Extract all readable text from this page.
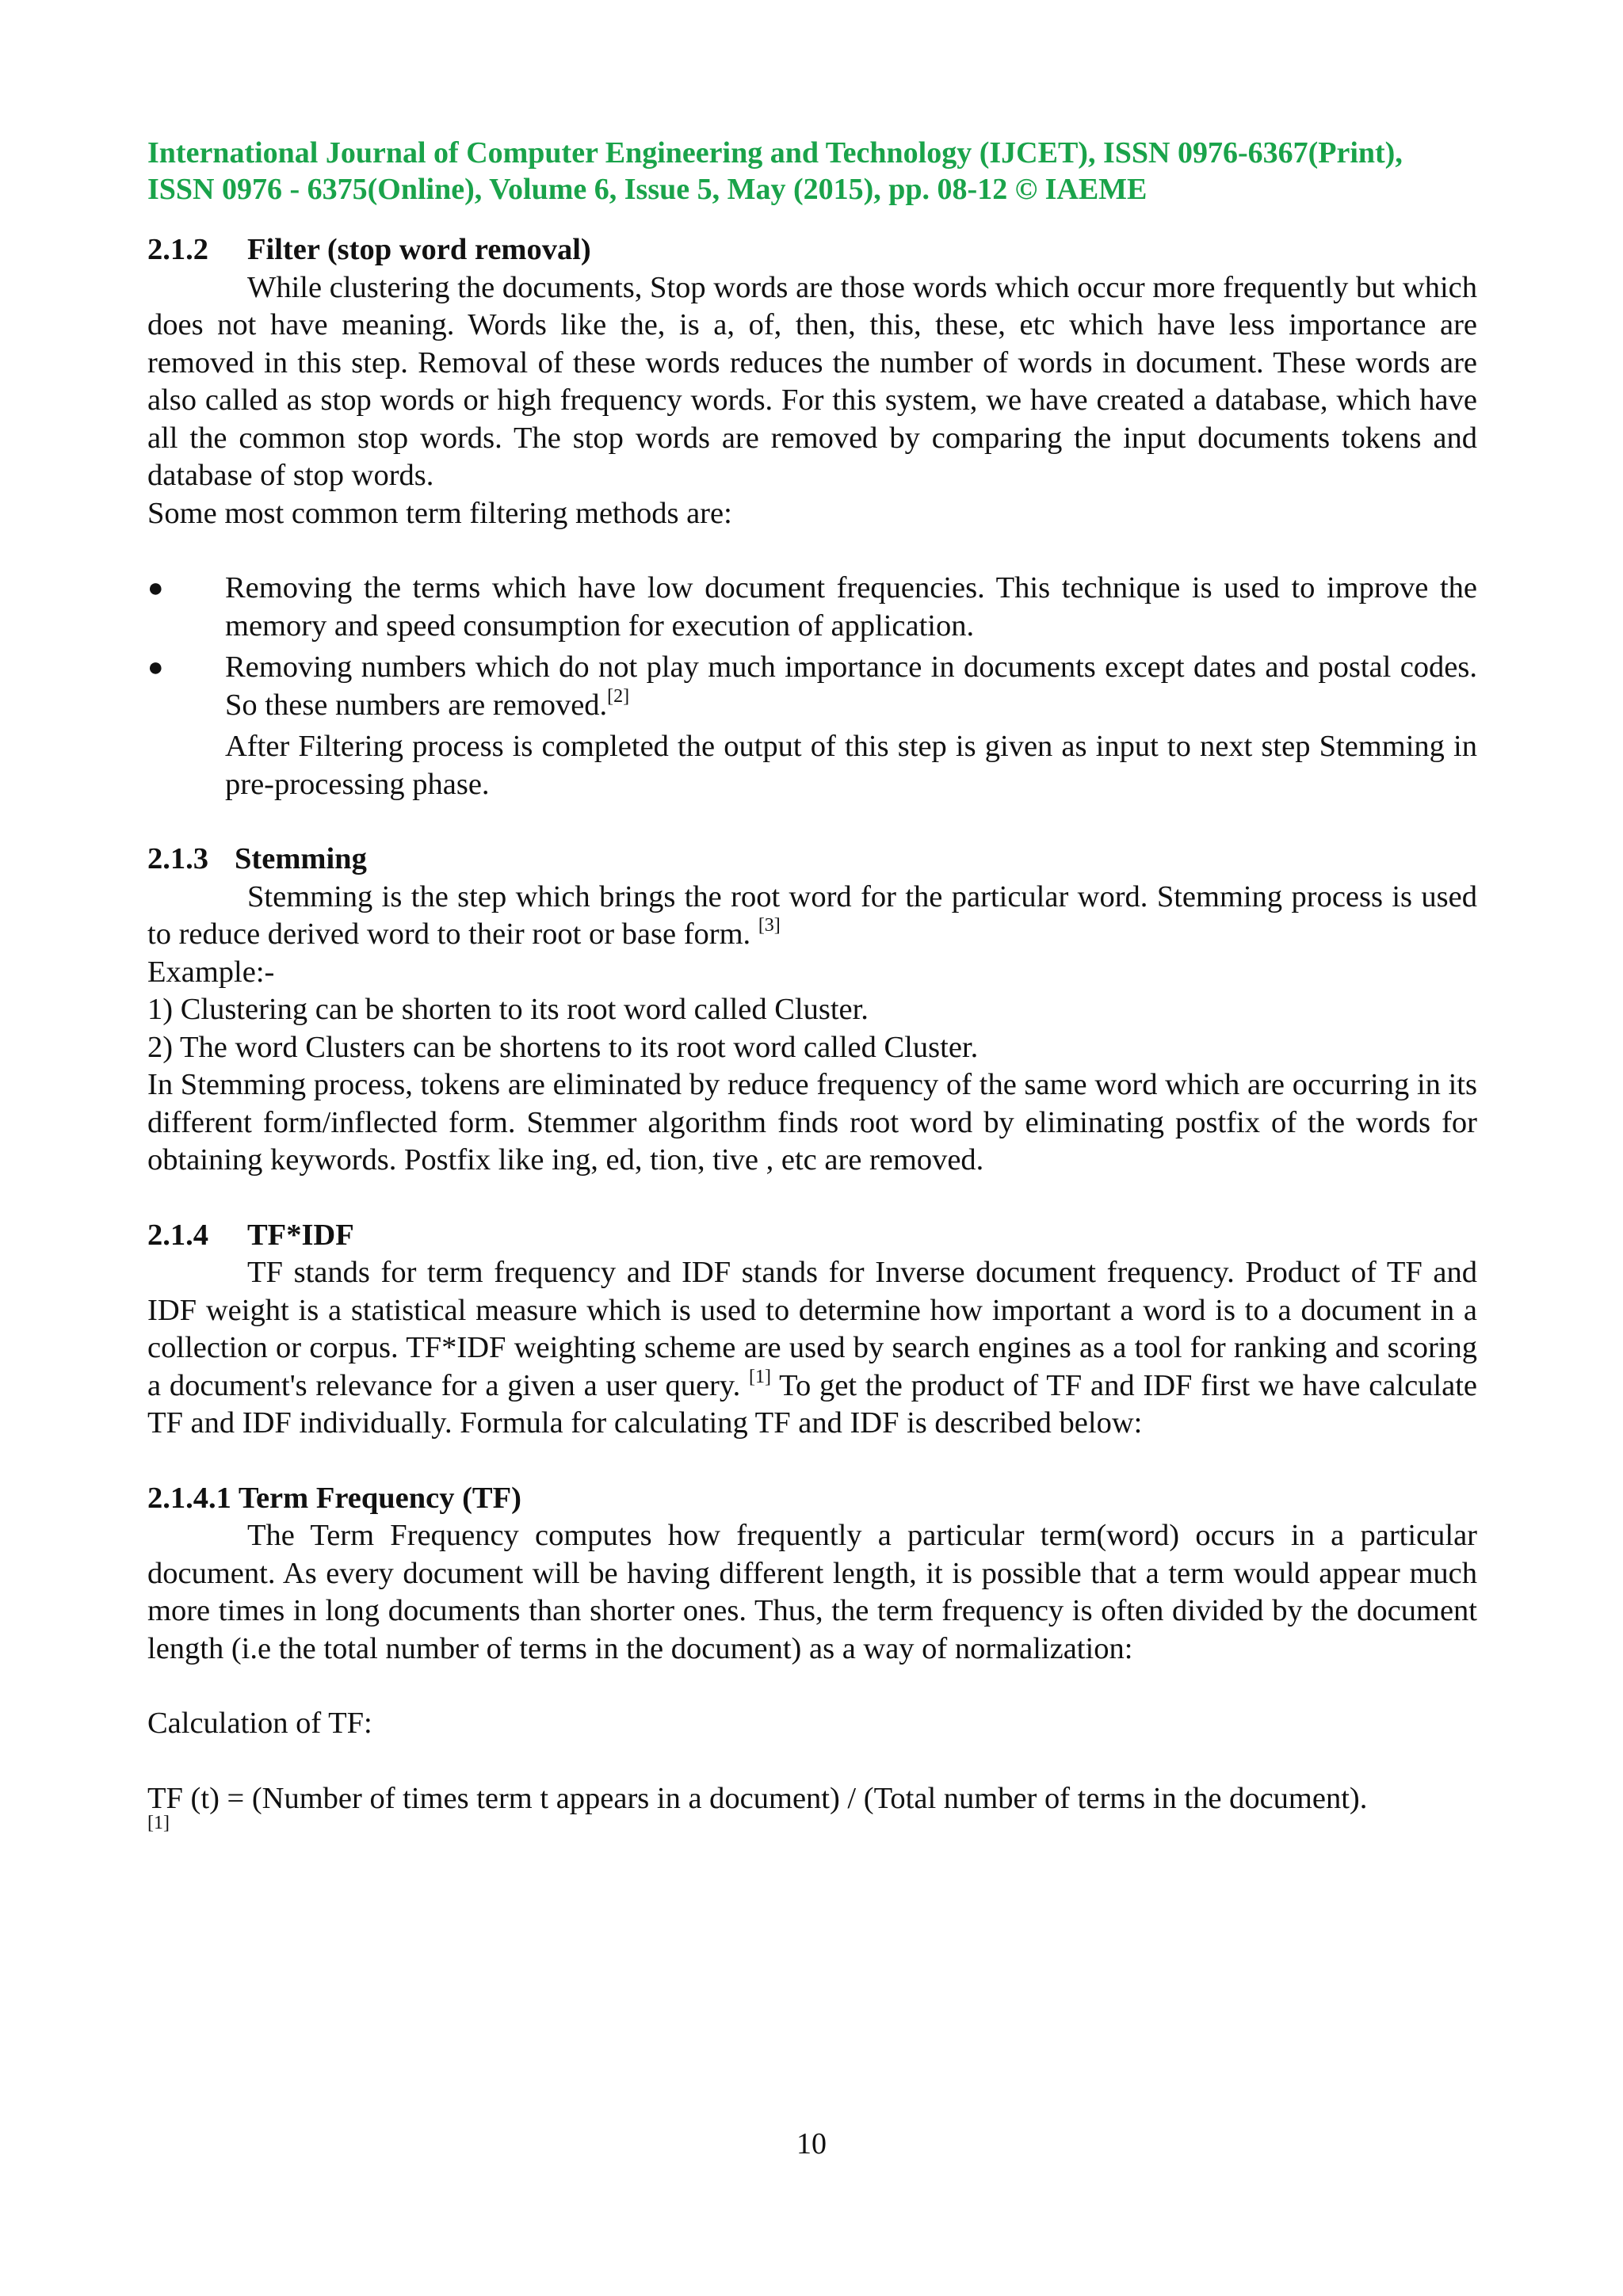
International Journal of Computer Engineering and Technology (IJCET), ISSN 0976-6367(Print),
ISSN 0976 - 6375(Online), Volume 6, Issue 5, May (2015), pp. 08-12 © IAEME
2.1.2 Filter (stop word removal)

While clustering the documents, Stop words are those words which occur more frequently but which does not have meaning. Words like the, is a, of, then, this, these, etc which have less importance are removed in this step. Removal of these words reduces the number of words in document. These words are also called as stop words or high frequency words. For this system, we have created a database, which have all the common stop words. The stop words are removed by comparing the input documents tokens and database of stop words.

Some most common term filtering methods are:

● Removing the terms which have low document frequencies. This technique is used to improve the memory and speed consumption for execution of application.
● Removing numbers which do not play much importance in documents except dates and postal codes. So these numbers are removed.[2]

After Filtering process is completed the output of this step is given as input to next step Stemming in pre-processing phase.

2.1.3 Stemming

Stemming is the step which brings the root word for the particular word. Stemming process is used to reduce derived word to their root or base form. [3]

Example:-

1) Clustering can be shorten to its root word called Cluster.

2) The word Clusters can be shortens to its root word called Cluster.

In Stemming process, tokens are eliminated by reduce frequency of the same word which are occurring in its different form/inflected form. Stemmer algorithm finds root word by eliminating postfix of the words for obtaining keywords. Postfix like ing, ed, tion, tive , etc are removed.

2.1.4 TF*IDF

TF stands for term frequency and IDF stands for Inverse document frequency. Product of TF and IDF weight is a statistical measure which is used to determine how important a word is to a document in a collection or corpus. TF*IDF weighting scheme are used by search engines as a tool for ranking and scoring a document's relevance for a given a user query. [1] To get the product of TF and IDF first we have calculate TF and IDF individually. Formula for calculating TF and IDF is described below:

2.1.4.1 Term Frequency (TF)

The Term Frequency computes how frequently a particular term(word) occurs in a particular document. As every document will be having different length, it is possible that a term would appear much more times in long documents than shorter ones. Thus, the term frequency is often divided by the document length (i.e the total number of terms in the document) as a way of normalization:

Calculation of TF:

TF (t) = (Number of times term t appears in a document) / (Total number of terms in the document).
[1]

10
